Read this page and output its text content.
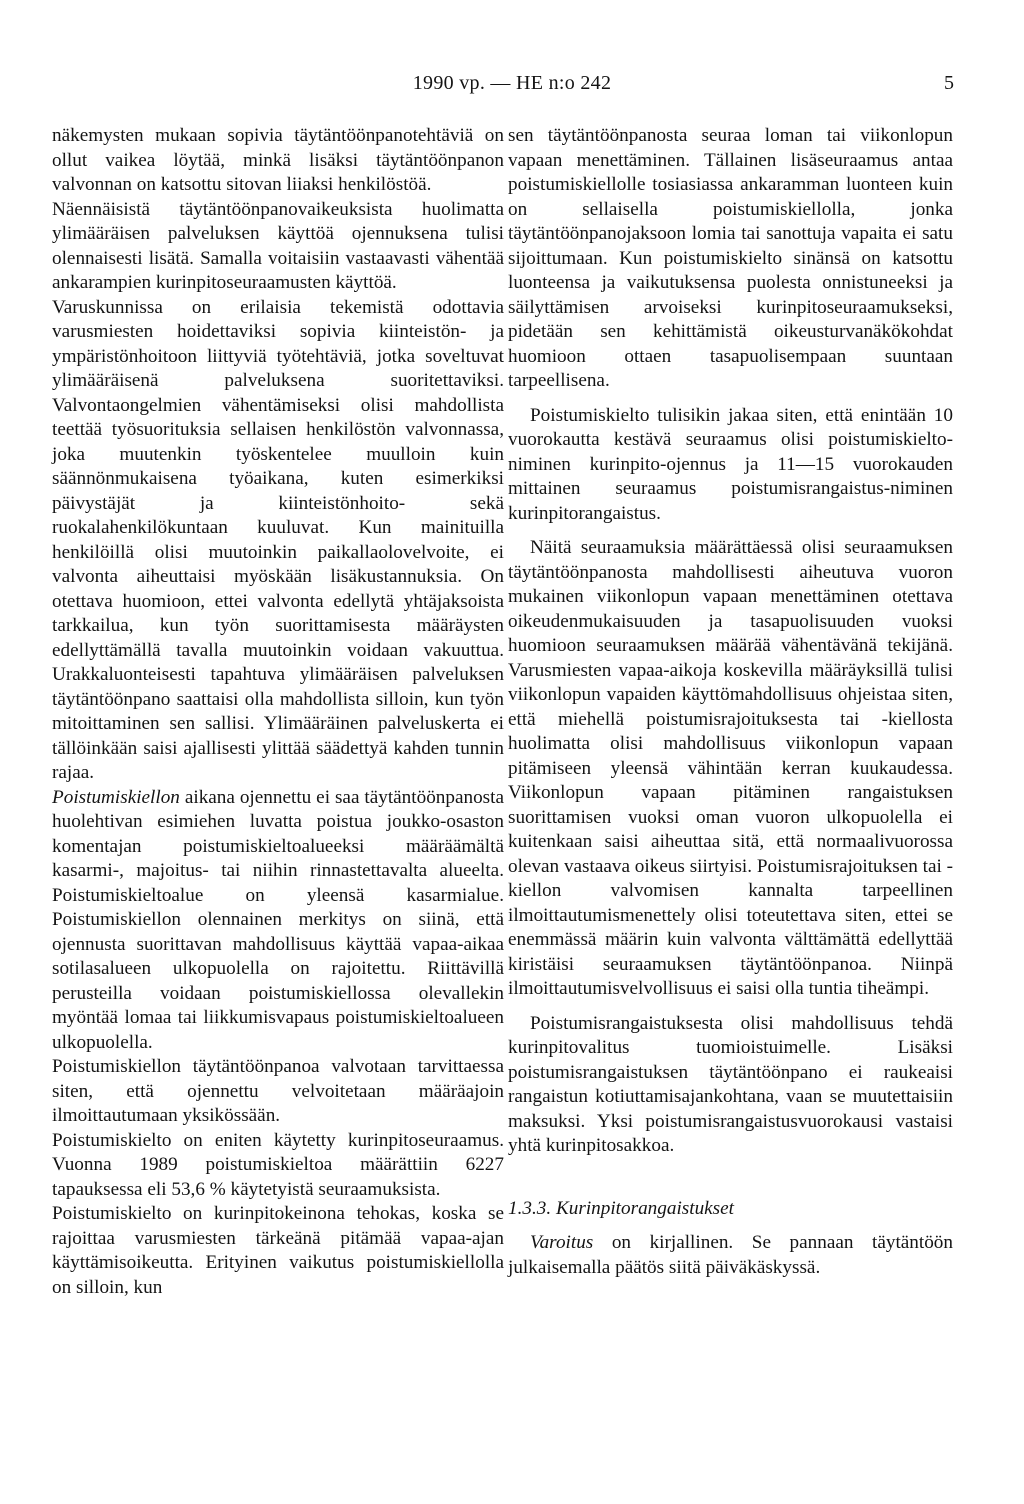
1990 vp. — HE n:o 242	5

näkemysten mukaan sopivia täytäntöönpanotehtäviä on ollut vaikea löytää, minkä lisäksi täytäntöönpanon valvonnan on katsottu sitovan liiaksi henkilöstöä.

Näennäisistä täytäntöönpanovaikeuksista huolimatta ylimääräisen palveluksen käyttöä ojennuksena tulisi olennaisesti lisätä. Samalla voitaisiin vastaavasti vähentää ankarampien kurinpitoseuraamusten käyttöä.

Varuskunnissa on erilaisia tekemistä odottavia varusmiesten hoidettaviksi sopivia kiinteistön- ja ympäristönhoitoon liittyviä työtehtäviä, jotka soveltuvat ylimääräisenä palveluksena suoritettaviksi. Valvontaongelmien vähentämiseksi olisi mahdollista teettää työsuorituksia sellaisen henkilöstön valvonnassa, joka muutenkin työskentelee muulloin kuin säännönmukaisena työaikana, kuten esimerkiksi päivystäjät ja kiinteistönhoito- sekä ruokalahenkilökuntaan kuuluvat. Kun mainituilla henkilöillä olisi muutoinkin paikallaolovelvoite, ei valvonta aiheuttaisi myöskään lisäkustannuksia. On otettava huomioon, ettei valvonta edellytä yhtäjaksoista tarkkailua, kun työn suorittamisesta määräysten edellyttämällä tavalla muutoinkin voidaan vakuuttua. Urakkaluonteisesti tapahtuva ylimääräisen palveluksen täytäntöönpano saattaisi olla mahdollista silloin, kun työn mitoittaminen sen sallisi. Ylimääräinen palveluskerta ei tällöinkään saisi ajallisesti ylittää säädettyä kahden tunnin rajaa.

Poistumiskiellon aikana ojennettu ei saa täytäntöönpanosta huolehtivan esimiehen luvatta poistua joukko-osaston komentajan poistumiskieltoalueeksi määräämältä kasarmi-, majoitus- tai niihin rinnastettavalta alueelta. Poistumiskieltoalue on yleensä kasarmialue. Poistumiskiellon olennainen merkitys on siinä, että ojennusta suorittavan mahdollisuus käyttää vapaa-aikaa sotilasalueen ulkopuolella on rajoitettu. Riittävillä perusteilla voidaan poistumiskiellossa olevallekin myöntää lomaa tai liikkumisvapaus poistumiskieltoalueen ulkopuolella.

Poistumiskiellon täytäntöönpanoa valvotaan tarvittaessa siten, että ojennettu velvoitetaan määräajoin ilmoittautumaan yksikössään.

Poistumiskielto on eniten käytetty kurinpitoseuraamus. Vuonna 1989 poistumiskieltoa määrättiin 6227 tapauksessa eli 53,6 % käytetyistä seuraamuksista.

Poistumiskielto on kurinpitokeinona tehokas, koska se rajoittaa varusmiesten tärkeänä pitämää vapaa-ajan käyttämisoikeutta. Erityinen vaikutus poistumiskiellolla on silloin, kun

sen täytäntöönpanosta seuraa loman tai viikonlopun vapaan menettäminen. Tällainen lisäseuraamus antaa poistumiskiellolle tosiasiassa ankaramman luonteen kuin on sellaisella poistumiskiellolla, jonka täytäntöönpanojaksoon lomia tai sanottuja vapaita ei satu sijoittumaan. Kun poistumiskielto sinänsä on katsottu luonteensa ja vaikutuksensa puolesta onnistuneeksi ja säilyttämisen arvoiseksi kurinpitoseuraamukseksi, pidetään sen kehittämistä oikeusturvanäkökohdat huomioon ottaen tasapuolisempaan suuntaan tarpeellisena.

Poistumiskielto tulisikin jakaa siten, että enintään 10 vuorokautta kestävä seuraamus olisi poistumiskielto-niminen kurinpito-ojennus ja 11—15 vuorokauden mittainen seuraamus poistumisrangaistus-niminen kurinpitorangaistus.

Näitä seuraamuksia määrättäessä olisi seuraamuksen täytäntöönpanosta mahdollisesti aiheutuva vuoron mukainen viikonlopun vapaan menettäminen otettava oikeudenmukaisuuden ja tasapuolisuuden vuoksi huomioon seuraamuksen määrää vähentävänä tekijänä. Varusmiesten vapaa-aikoja koskevilla määräyksillä tulisi viikonlopun vapaiden käyttömahdollisuus ohjeistaa siten, että miehellä poistumisrajoituksesta tai -kiellosta huolimatta olisi mahdollisuus viikonlopun vapaan pitämiseen yleensä vähintään kerran kuukaudessa. Viikonlopun vapaan pitäminen rangaistuksen suorittamisen vuoksi oman vuoron ulkopuolella ei kuitenkaan saisi aiheuttaa sitä, että normaalivuorossa olevan vastaava oikeus siirtyisi. Poistumisrajoituksen tai -kiellon valvomisen kannalta tarpeellinen ilmoittautumismenettely olisi toteutettava siten, ettei se enemmässä määrin kuin valvonta välttämättä edellyttää kiristäisi seuraamuksen täytäntöönpanoa. Niinpä ilmoittautumisvelvollisuus ei saisi olla tuntia tiheämpi.

Poistumisrangaistuksesta olisi mahdollisuus tehdä kurinpitovalitus tuomioistuimelle. Lisäksi poistumisrangaistuksen täytäntöönpano ei raukeaisi rangaistun kotiuttamisajankohtana, vaan se muutettaisiin maksuksi. Yksi poistumisrangaistusvuorokausi vastaisi yhtä kurinpitosakkoa.

1.3.3. Kurinpitorangaistukset

Varoitus on kirjallinen. Se pannaan täytäntöön julkaisemalla päätös siitä päiväkäskyssä.
